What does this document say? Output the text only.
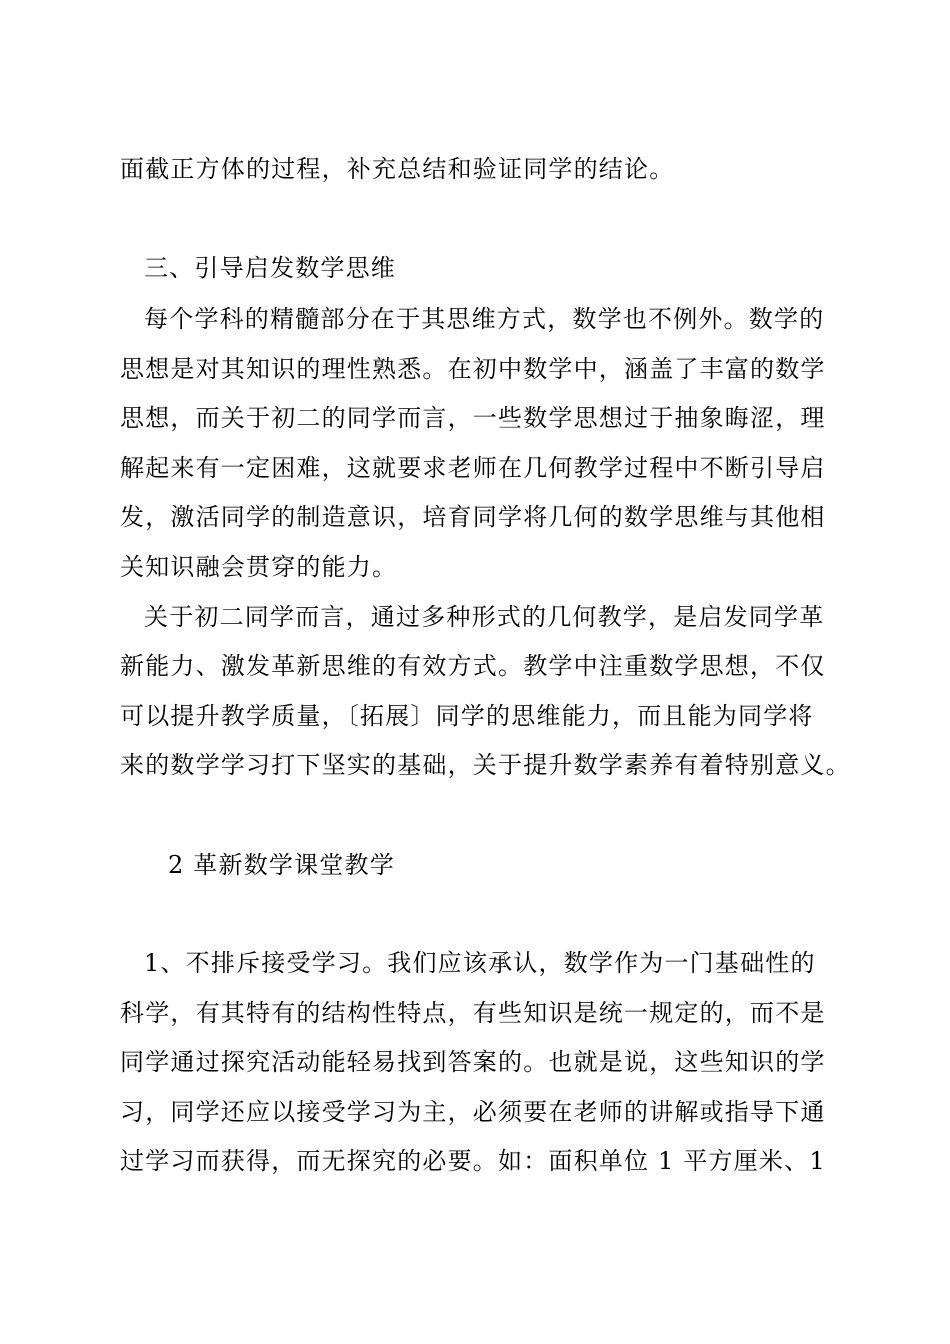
面截正方体的过程，补充总结和验证同学的结论。
三、引导启发数学思维
每个学科的精髓部分在于其思维方式，数学也不例外。数学的
思想是对其知识的理性熟悉。在初中数学中，涵盖了丰富的数学
思想，而关于初二的同学而言，一些数学思想过于抽象晦涩，理
解起来有一定困难，这就要求老师在几何教学过程中不断引导启
发，激活同学的制造意识，培育同学将几何的数学思维与其他相
关知识融会贯穿的能力。
关于初二同学而言，通过多种形式的几何教学，是启发同学革
新能力、激发革新思维的有效方式。教学中注重数学思想，不仅
可以提升教学质量，〔拓展〕同学的思维能力，而且能为同学将
来的数学学习打下坚实的基础，关于提升数学素养有着特别意义。
2 革新数学课堂教学
1、不排斥接受学习。我们应该承认，数学作为一门基础性的
科学，有其特有的结构性特点，有些知识是统一规定的，而不是
同学通过探究活动能轻易找到答案的。也就是说，这些知识的学
习，同学还应以接受学习为主，必须要在老师的讲解或指导下通
过学习而获得，而无探究的必要。如：面积单位 1 平方厘米、1
